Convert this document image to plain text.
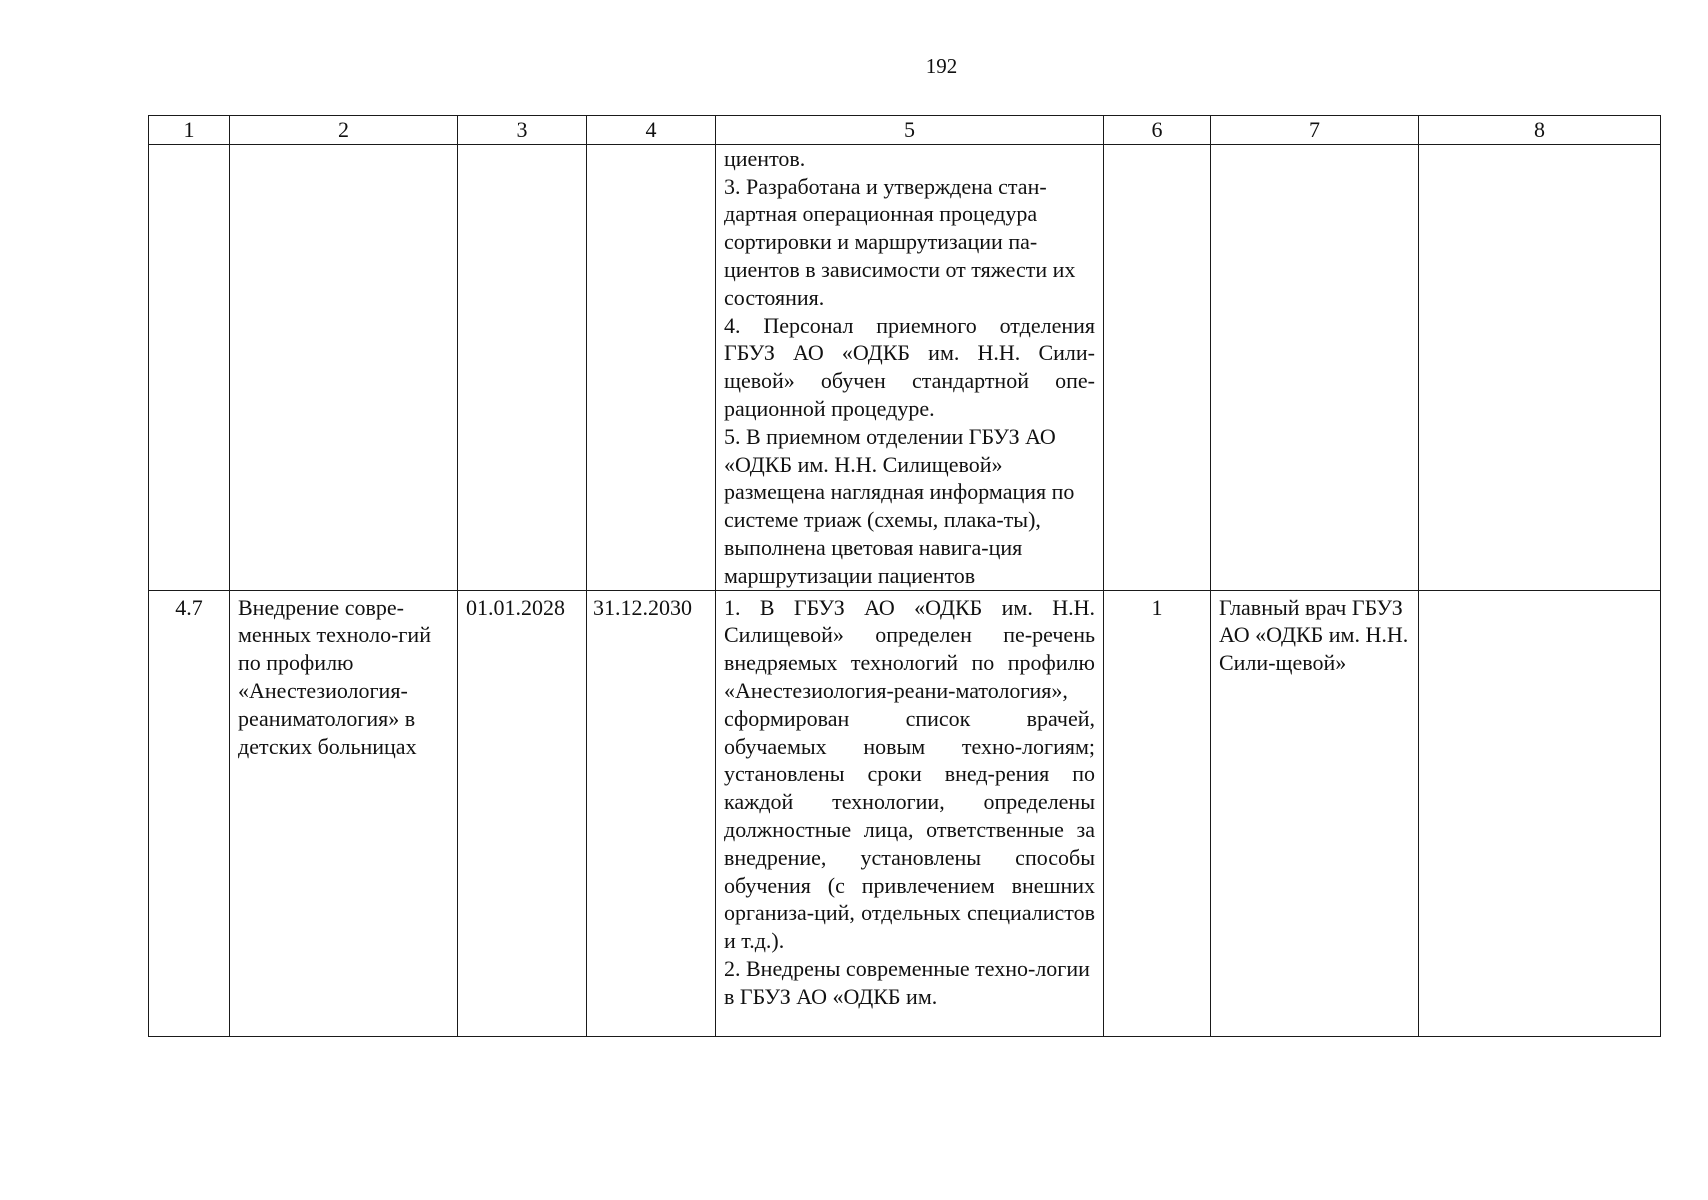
192
1	2	3	4	5	6	7	8

				циентов.
3. Разработана и утверждена стан-дартная операционная процедура сортировки и маршрутизации па-циентов в зависимости от тяжести их состояния.
4. Персонал приемного отделения ГБУЗ АО «ОДКБ им. Н.Н. Сили-щевой» обучен стандартной опе-рационной процедуре.
5. В приемном отделении ГБУЗ АО «ОДКБ им. Н.Н. Силищевой» размещена наглядная информация по системе триаж (схемы, плака-ты), выполнена цветовая навига-ция маршрутизации пациентов			

4.7	Внедрение совре-менных техноло-гий по профилю «Анестезиология-реаниматология» в детских больницах	01.01.2028	31.12.2030	1. В ГБУЗ АО «ОДКБ им. Н.Н. Силищевой» определен пе-речень внедряемых технологий по профилю «Анестезиология-реани-матология», сформирован список врачей, обучаемых новым техно-логиям; установлены сроки внед-рения по каждой технологии, определены должностные лица, ответственные за внедрение, установлены способы обучения (с привлечением внешних организа-ций, отдельных специалистов и т.д.).
2. Внедрены современные техно-логии в ГБУЗ АО «ОДКБ им.	1	Главный врач ГБУЗ АО «ОДКБ им. Н.Н. Сили-щевой»	
